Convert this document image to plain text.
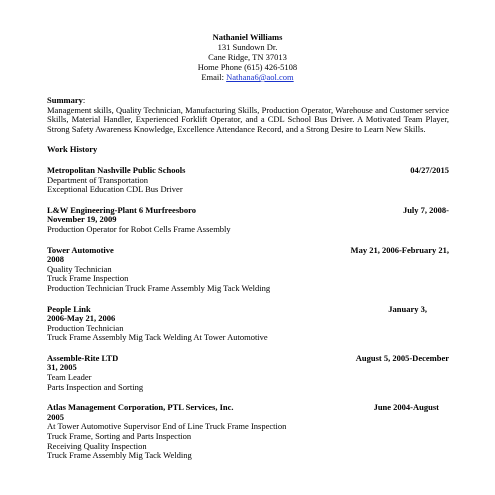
Nathaniel Williams
131 Sundown Dr.
Cane Ridge, TN 37013
Home Phone (615) 426-5108
Email: Nathana6@aol.com
Summary:
Management skills, Quality Technician, Manufacturing Skills, Production Operator, Warehouse and Customer service Skills, Material Handler, Experienced Forklift Operator, and a CDL School Bus Driver. A Motivated Team Player, Strong Safety Awareness Knowledge, Excellence Attendance Record, and a Strong Desire to Learn New Skills.
Work History
Metropolitan Nashville Public Schools	04/27/2015
Department of Transportation
Exceptional Education CDL Bus Driver
L&W Engineering-Plant 6 Murfreesboro	July 7, 2008-
November 19, 2009
Production Operator for Robot Cells Frame Assembly
Tower Automotive	May 21, 2006-February 21,
2008
Quality Technician
Truck Frame Inspection
Production Technician Truck Frame Assembly Mig Tack Welding
People Link	January 3,
2006-May 21, 2006
Production Technician
Truck Frame Assembly Mig Tack Welding At Tower Automotive
Assemble-Rite LTD	August 5, 2005-December
31, 2005
Team Leader
Parts Inspection and Sorting
Atlas Management Corporation, PTL Services, Inc.	June 2004-August
2005
At Tower Automotive Supervisor End of Line Truck Frame Inspection
Truck Frame, Sorting and Parts Inspection
Receiving Quality Inspection
Truck Frame Assembly Mig Tack Welding
